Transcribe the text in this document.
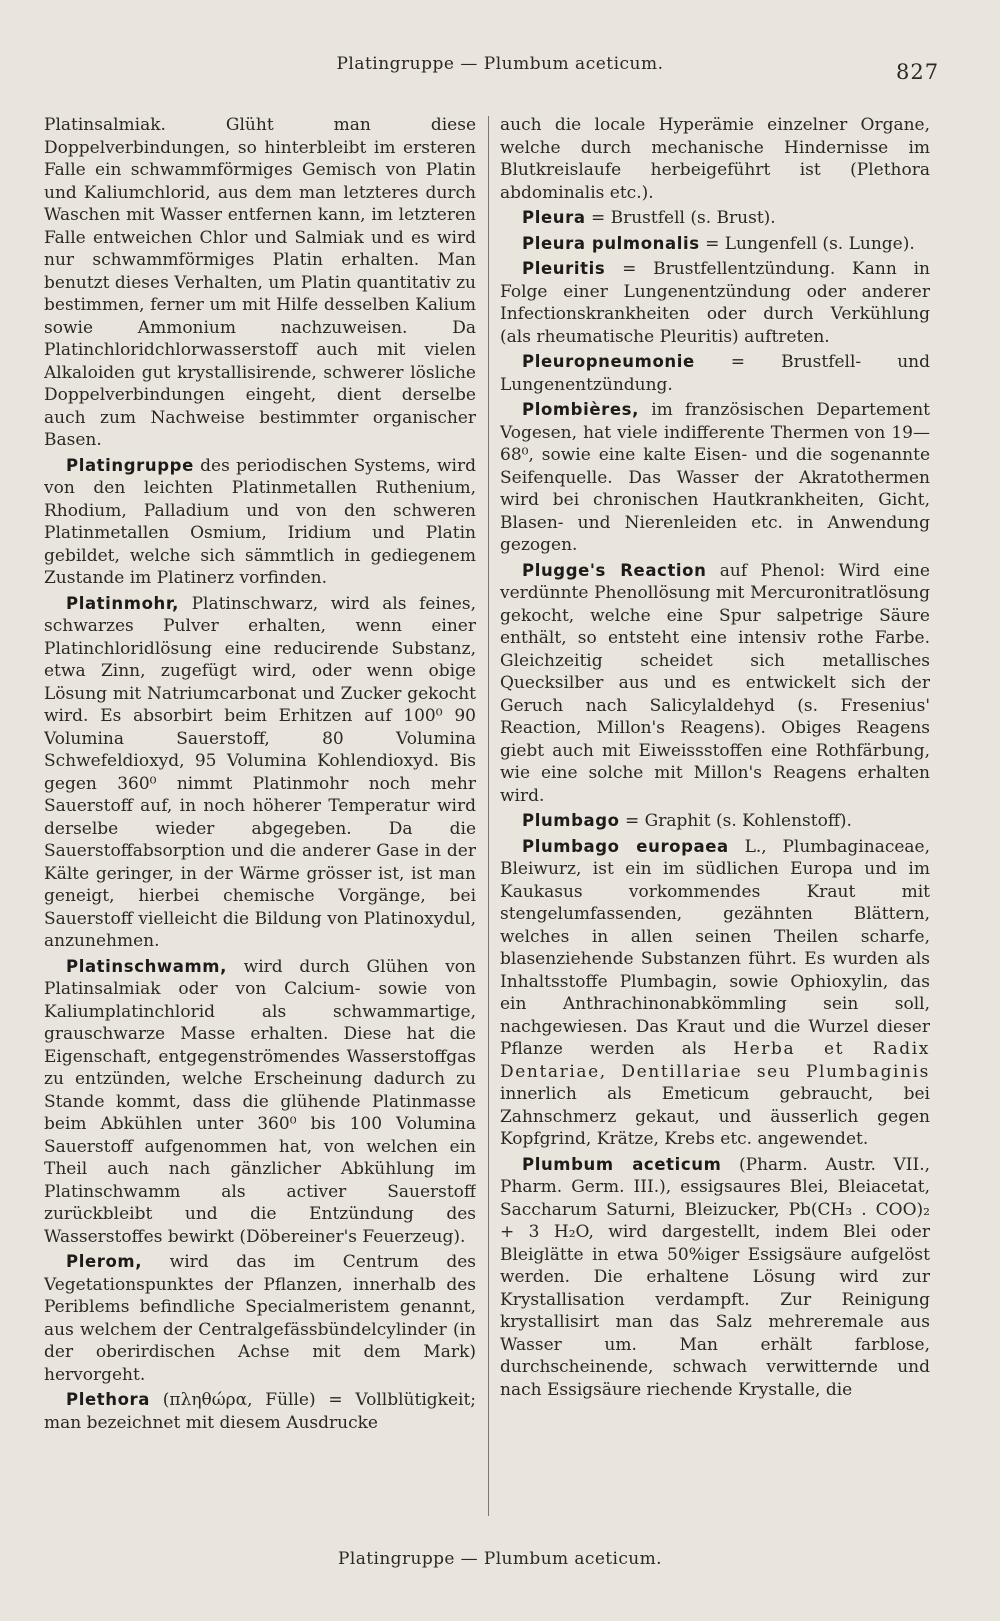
Platingruppe — Plumbum aceticum.	827

Platinsalmiak. Glüht man diese Doppelverbindungen, so hinterbleibt im ersteren Falle ein schwammförmiges Gemisch von Platin und Kaliumchlorid, aus dem man letzteres durch Waschen mit Wasser entfernen kann, im letzteren Falle entweichen Chlor und Salmiak und es wird nur schwammförmiges Platin erhalten. Man benutzt dieses Verhalten, um Platin quantitativ zu bestimmen, ferner um mit Hilfe desselben Kalium sowie Ammonium nachzuweisen. Da Platinchloridchlorwasserstoff auch mit vielen Alkaloiden gut krystallisirende, schwerer lösliche Doppelverbindungen eingeht, dient derselbe auch zum Nachweise bestimmter organischer Basen.

Platingruppe des periodischen Systems, wird von den leichten Platinmetallen Ruthenium, Rhodium, Palladium und von den schweren Platinmetallen Osmium, Iridium und Platin gebildet, welche sich sämmtlich in gediegenem Zustande im Platinerz vorfinden.

Platinmohr, Platinschwarz, wird als feines, schwarzes Pulver erhalten, wenn einer Platinchloridlösung eine reducirende Substanz, etwa Zinn, zugefügt wird, oder wenn obige Lösung mit Natriumcarbonat und Zucker gekocht wird. Es absorbirt beim Erhitzen auf 100⁰ 90 Volumina Sauerstoff, 80 Volumina Schwefeldioxyd, 95 Volumina Kohlendioxyd. Bis gegen 360⁰ nimmt Platinmohr noch mehr Sauerstoff auf, in noch höherer Temperatur wird derselbe wieder abgegeben. Da die Sauerstoffabsorption und die anderer Gase in der Kälte geringer, in der Wärme grösser ist, ist man geneigt, hierbei chemische Vorgänge, bei Sauerstoff vielleicht die Bildung von Platinoxydul, anzunehmen.

Platinschwamm, wird durch Glühen von Platinsalmiak oder von Calcium- sowie von Kaliumplatinchlorid als schwammartige, grauschwarze Masse erhalten. Diese hat die Eigenschaft, entgegenströmendes Wasserstoffgas zu entzünden, welche Erscheinung dadurch zu Stande kommt, dass die glühende Platinmasse beim Abkühlen unter 360⁰ bis 100 Volumina Sauerstoff aufgenommen hat, von welchen ein Theil auch nach gänzlicher Abkühlung im Platinschwamm als activer Sauerstoff zurückbleibt und die Entzündung des Wasserstoffes bewirkt (Döbereiner's Feuerzeug).

Plerom, wird das im Centrum des Vegetationspunktes der Pflanzen, innerhalb des Periblems befindliche Specialmeristem genannt, aus welchem der Centralgefässbündelcylinder (in der oberirdischen Achse mit dem Mark) hervorgeht.

Plethora (πληθώρα, Fülle) = Vollblütigkeit; man bezeichnet mit diesem Ausdrucke

auch die locale Hyperämie einzelner Organe, welche durch mechanische Hindernisse im Blutkreislaufe herbeigeführt ist (Plethora abdominalis etc.).

Pleura = Brustfell (s. Brust).

Pleura pulmonalis = Lungenfell (s. Lunge).

Pleuritis = Brustfellentzündung. Kann in Folge einer Lungenentzündung oder anderer Infectionskrankheiten oder durch Verkühlung (als rheumatische Pleuritis) auftreten.

Pleuropneumonie = Brustfell- und Lungenentzündung.

Plombières, im französischen Departement Vogesen, hat viele indifferente Thermen von 19—68⁰, sowie eine kalte Eisen- und die sogenannte Seifenquelle. Das Wasser der Akratothermen wird bei chronischen Hautkrankheiten, Gicht, Blasen- und Nierenleiden etc. in Anwendung gezogen.

Plugge's Reaction auf Phenol: Wird eine verdünnte Phenollösung mit Mercuronitratlösung gekocht, welche eine Spur salpetrige Säure enthält, so entsteht eine intensiv rothe Farbe. Gleichzeitig scheidet sich metallisches Quecksilber aus und es entwickelt sich der Geruch nach Salicylaldehyd (s. Fresenius' Reaction, Millon's Reagens). Obiges Reagens giebt auch mit Eiweissstoffen eine Rothfärbung, wie eine solche mit Millon's Reagens erhalten wird.

Plumbago = Graphit (s. Kohlenstoff).

Plumbago europaea L., Plumbaginaceae, Bleiwurz, ist ein im südlichen Europa und im Kaukasus vorkommendes Kraut mit stengelumfassenden, gezähnten Blättern, welches in allen seinen Theilen scharfe, blasenziehende Substanzen führt. Es wurden als Inhaltsstoffe Plumbagin, sowie Ophioxylin, das ein Anthrachinonabkömmling sein soll, nachgewiesen. Das Kraut und die Wurzel dieser Pflanze werden als Herba et Radix Dentariae, Dentillariae seu Plumbaginis innerlich als Emeticum gebraucht, bei Zahnschmerz gekaut, und äusserlich gegen Kopfgrind, Krätze, Krebs etc. angewendet.

Plumbum aceticum (Pharm. Austr. VII., Pharm. Germ. III.), essigsaures Blei, Bleiacetat, Saccharum Saturni, Bleizucker, Pb(CH₃ . COO)₂ + 3 H₂O, wird dargestellt, indem Blei oder Bleiglätte in etwa 50%iger Essigsäure aufgelöst werden. Die erhaltene Lösung wird zur Krystallisation verdampft. Zur Reinigung krystallisirt man das Salz mehreremale aus Wasser um. Man erhält farblose, durchscheinende, schwach verwitternde und nach Essigsäure riechende Krystalle, die

Platingruppe — Plumbum aceticum.
